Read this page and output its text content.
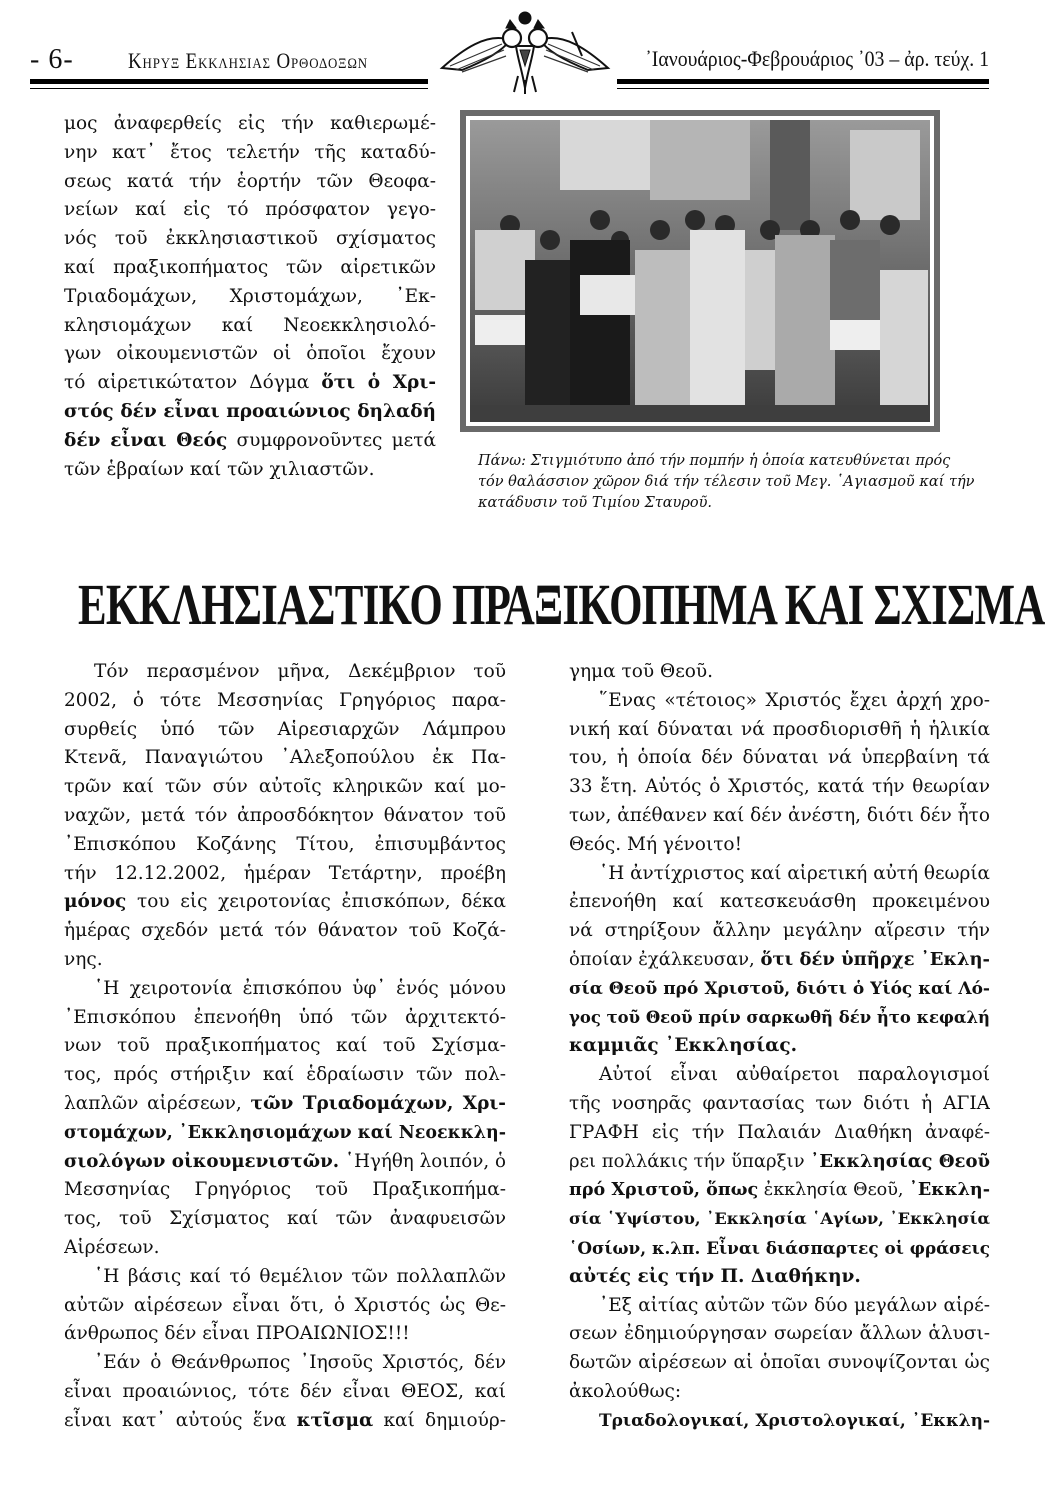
- 6- Κηρυξ Εκκλησιας Ορθοδοξων	᾿Ιανουάριος-Φεβρουάριος ᾿03 – ἀρ. τεύχ. 1
μος ἀναφερθείς εἰς τήν καθιερωμέ-
νην κατ᾿ ἔτος τελετήν τῆς καταδύ-
σεως κατά τήν ἑορτήν τῶν Θεοφα-
νείων καί εἰς τό πρόσφατον γεγο-
νός τοῦ ἐκκλησιαστικοῦ σχίσματος
καί πραξικοπήματος τῶν αἱρετικῶν
Τριαδομάχων, Χριστομάχων, ᾿Εκ-
κλησιομάχων καί Νεοεκκλησιολό-
γων οἰκουμενιστῶν οἱ ὁποῖοι ἔχουν
τό αἱρετικώτατον Δόγμα ὅτι ὁ Χρι-
στός δέν εἶναι προαιώνιος δηλαδή
δέν εἶναι Θεός συμφρονοῦντες μετά
τῶν ἑβραίων καί τῶν χιλιαστῶν.	Πάνω: Στιγμιότυπο ἀπό τήν πομπήν ἡ ὁποία κατευθύνεται πρός
τόν θαλάσσιον χῶρον διά τήν τέλεσιν τοῦ Μεγ. ῾Αγιασμοῦ καί τήν
κατάδυσιν τοῦ Τιμίου Σταυροῦ.
ΕΚΚΛΗΣΙΑΣΤΙΚΟ ΠΡΑΞΙΚΟΠΗΜΑ ΚΑΙ ΣΧΙΣΜΑ
Τόν περασμένον μῆνα, Δεκέμβριον τοῦ
2002, ὁ τότε Μεσσηνίας Γρηγόριος παρα-
συρθείς ὑπό τῶν Αἱρεσιαρχῶν Λάμπρου
Κτενᾶ, Παναγιώτου ᾿Αλεξοπούλου ἐκ Πα-
τρῶν καί τῶν σύν αὐτοῖς κληρικῶν καί μο-
ναχῶν, μετά τόν ἀπροσδόκητον θάνατον τοῦ
᾿Επισκόπου Κοζάνης Τίτου, ἐπισυμβάντος
τήν 12.12.2002, ἡμέραν Τετάρτην, προέβη
μόνος του εἰς χειροτονίας ἐπισκόπων, δέκα
ἡμέρας σχεδόν μετά τόν θάνατον τοῦ Κοζά-
νης.
῾Η χειροτονία ἐπισκόπου ὑφ᾿ ἑνός μόνου
᾿Επισκόπου ἐπενοήθη ὑπό τῶν ἀρχιτεκτό-
νων τοῦ πραξικοπήματος καί τοῦ Σχίσμα-
τος, πρός στήριξιν καί ἑδραίωσιν τῶν πολ-
λαπλῶν αἱρέσεων, τῶν Τριαδομάχων, Χρι-
στομάχων, ᾿Εκκλησιομάχων καί Νεοεκκλη-
σιολόγων οἰκουμενιστῶν. ῾Ηγήθη λοιπόν, ὁ
Μεσσηνίας Γρηγόριος τοῦ Πραξικοπήμα-
τος, τοῦ Σχίσματος καί τῶν ἀναφυεισῶν
Αἱρέσεων.
῾Η βάσις καί τό θεμέλιον τῶν πολλαπλῶν
αὐτῶν αἱρέσεων εἶναι ὅτι, ὁ Χριστός ὡς Θε-
άνθρωπος δέν εἶναι ΠΡΟΑΙΩΝΙΟΣ!!!
᾿Εάν ὁ Θεάνθρωπος ᾿Ιησοῦς Χριστός, δέν
εἶναι προαιώνιος, τότε δέν εἶναι ΘΕΟΣ, καί
εἶναι κατ᾿ αὐτούς ἕνα κτῖσμα καί δημιούρ-
γημα τοῦ Θεοῦ.
῞Ενας «τέτοιος» Χριστός ἔχει ἀρχή χρο-
νική καί δύναται νά προσδιορισθῆ ἡ ἡλικία
του, ἡ ὁποία δέν δύναται νά ὑπερβαίνη τά
33 ἔτη. Αὐτός ὁ Χριστός, κατά τήν θεωρίαν
των, ἀπέθανεν καί δέν ἀνέστη, διότι δέν ἦτο
Θεός. Μή γένοιτο!
῾Η ἀντίχριστος καί αἱρετική αὐτή θεωρία
ἐπενοήθη καί κατεσκευάσθη προκειμένου
νά στηρίξουν ἄλλην μεγάλην αἵρεσιν τήν
ὁποίαν ἐχάλκευσαν, ὅτι δέν ὑπῆρχε ᾿Εκλη-
σία Θεοῦ πρό Χριστοῦ, διότι ὁ Υἱός καί Λό-
γος τοῦ Θεοῦ πρίν σαρκωθῆ δέν ἦτο κεφαλή
καμμιᾶς ᾿Εκκλησίας.
Αὐτοί εἶναι αὐθαίρετοι παραλογισμοί
τῆς νοσηρᾶς φαντασίας των διότι ἡ ΑΓΙΑ
ΓΡΑΦΗ εἰς τήν Παλαιάν Διαθήκη ἀναφέ-
ρει πολλάκις τήν ὕπαρξιν ᾿Εκκλησίας Θεοῦ
πρό Χριστοῦ, ὅπως ἐκκλησία Θεοῦ, ᾿Εκκλη-
σία ῾Υψίστου, ᾿Εκκλησία ῾Αγίων, ᾿Εκκλησία
῾Οσίων, κ.λπ. Εἶναι διάσπαρτες οἱ φράσεις
αὐτές εἰς τήν Π. Διαθήκην.
᾿Εξ αἰτίας αὐτῶν τῶν δύο μεγάλων αἱρέ-
σεων ἐδημιούργησαν σωρείαν ἄλλων ἁλυσι-
δωτῶν αἱρέσεων αἱ ὁποῖαι συνοψίζονται ὡς
ἀκολούθως:
Τριαδολογικαί, Χριστολογικαί, ᾿Εκκλη-
